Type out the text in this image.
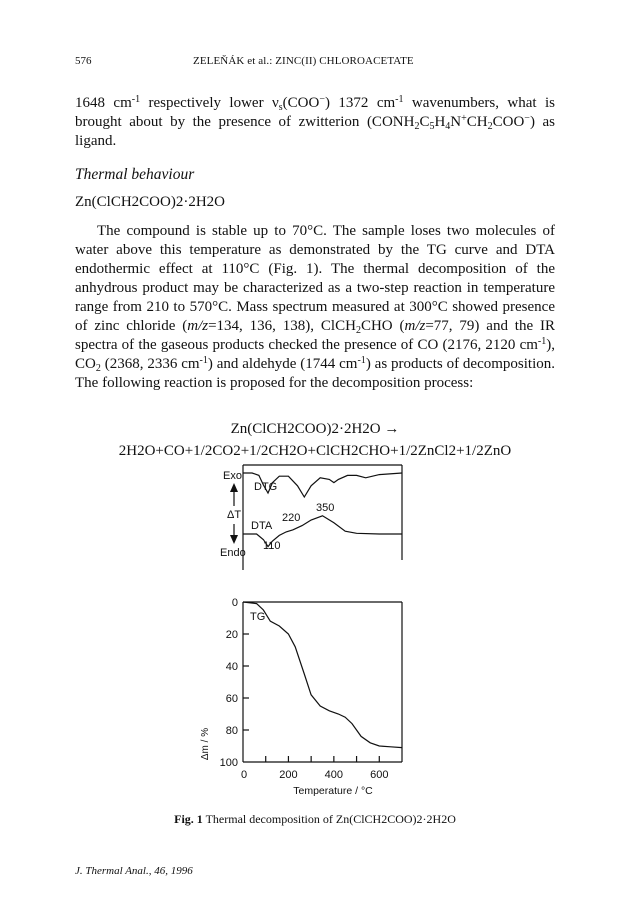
576	ZELEŇÁK et al.: ZINC(II) CHLOROACETATE

1648 $cm^{-1}$ respectively lower $\nu_s(COO^-)$ 1372 $cm^{-1}$ wavenumbers, what is brought about by the presence of zwitterion $(CONH_2C_5H_4N^+CH_2COO^-)$ as ligand.

Thermal behaviour
Zn(ClCH2COO)2·2H2O

The compound is stable up to 70°C. The sample loses two molecules of water above this temperature as demonstrated by the TG curve and DTA endothermic effect at 110°C (Fig. 1). The thermal decomposition of the anhydrous product may be characterized as a two-step reaction in temperature range from 210 to 570°C. Mass spectrum measured at 300°C showed presence of zinc chloride (m/z=134, 136, 138), ClCH$_2$CHO (m/z=77, 79) and the IR spectra of the gaseous products checked the presence of CO (2176, 2120 $cm^{-1}$), $CO_2$ (2368, 2336 $cm^{-1}$) and aldehyde (1744 $cm^{-1}$) as products of decomposition. The following reaction is proposed for the decomposition process:

Zn(ClCH2COO)2·2H2O →
2H2O+CO+1/2CO2+1/2CH2O+ClCH2CHO+1/2ZnCl2+1/2ZnO
Exo
ΔT
Endo
0
20
40
60
80
100
Δm / %
0	200 400 600
Temperature / °C
DTG
DTA
110
220
350
TG
Fig. 1 Thermal decomposition of Zn(ClCH2COO)2·2H2O
J. Thermal Anal., 46, 1996
